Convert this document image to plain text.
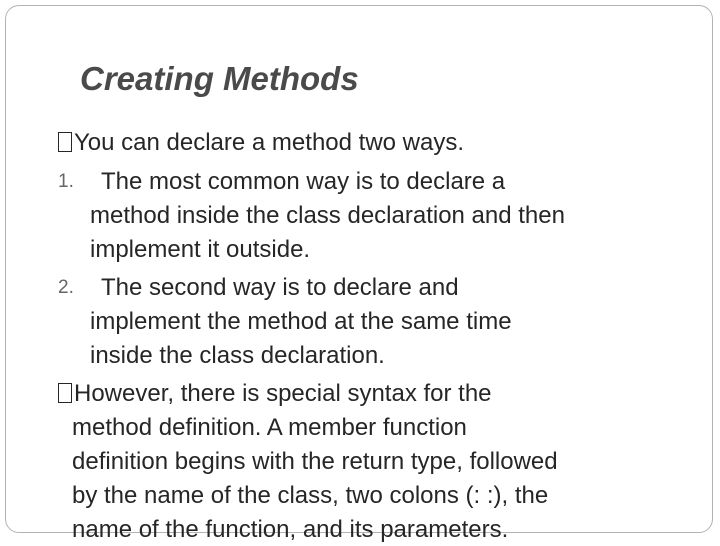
Creating Methods
You can declare a method two ways.
1. The most common way is to declare a
method inside the class declaration and then
implement it outside.
2. The second way is to declare and
implement the method at the same time
inside the class declaration.
However, there is special syntax for the
method definition. A member function
definition begins with the return type, followed
by the name of the class, two colons (: :), the
name of the function, and its parameters.
